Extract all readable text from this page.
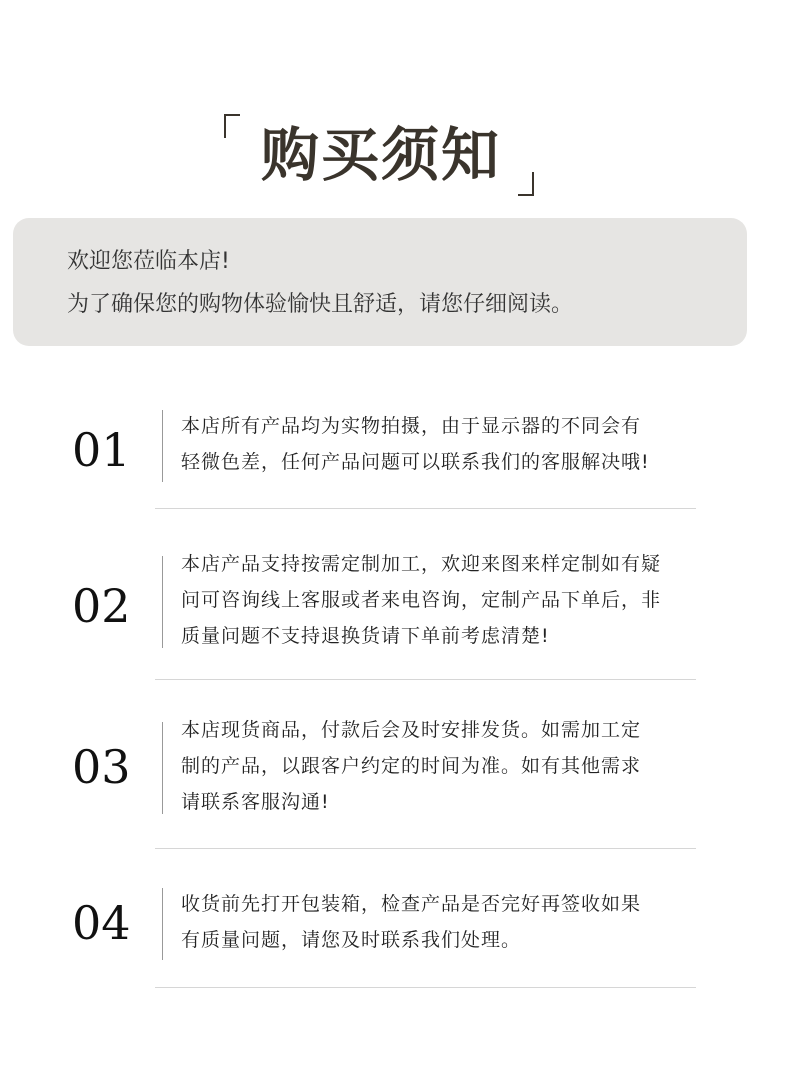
购买须知
欢迎您莅临本店!
为了确保您的购物体验愉快且舒适，请您仔细阅读。
01	本店所有产品均为实物拍摄，由于显示器的不同会有
轻微色差，任何产品问题可以联系我们的客服解决哦!
02
本店产品支持按需定制加工，欢迎来图来样定制如有疑
问可咨询线上客服或者来电咨询，定制产品下单后，非
质量问题不支持退换货请下单前考虑清楚!
03
本店现货商品，付款后会及时安排发货。如需加工定
制的产品，以跟客户约定的时间为准。如有其他需求
请联系客服沟通!
04	收货前先打开包装箱，检查产品是否完好再签收如果
有质量问题，请您及时联系我们处理。
